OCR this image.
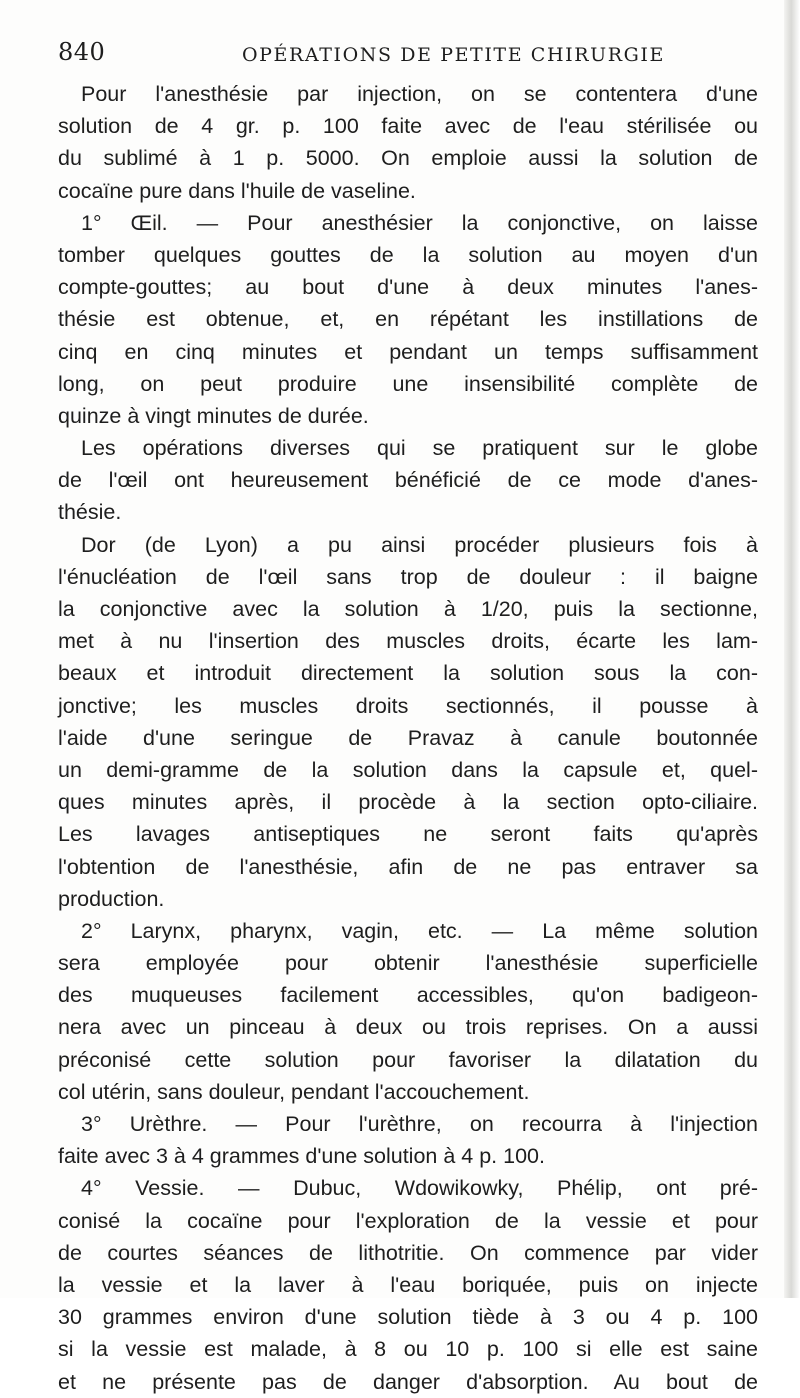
840	OPÉRATIONS DE PETITE CHIRURGIE
Pour l'anesthésie par injection, on se contentera d'une
solution de 4 gr. p. 100 faite avec de l'eau stérilisée ou
du sublimé à 1 p. 5000. On emploie aussi la solution de
cocaïne pure dans l'huile de vaseline.
1° Œil. — Pour anesthésier la conjonctive, on laisse
tomber quelques gouttes de la solution au moyen d'un
compte-gouttes; au bout d'une à deux minutes l'anes-
thésie est obtenue, et, en répétant les instillations de
cinq en cinq minutes et pendant un temps suffisamment
long, on peut produire une insensibilité complète de
quinze à vingt minutes de durée.
Les opérations diverses qui se pratiquent sur le globe
de l'œil ont heureusement bénéficié de ce mode d'anes-
thésie.
Dor (de Lyon) a pu ainsi procéder plusieurs fois à
l'énucléation de l'œil sans trop de douleur : il baigne
la conjonctive avec la solution à 1/20, puis la sectionne,
met à nu l'insertion des muscles droits, écarte les lam-
beaux et introduit directement la solution sous la con-
jonctive; les muscles droits sectionnés, il pousse à
l'aide d'une seringue de Pravaz à canule boutonnée
un demi-gramme de la solution dans la capsule et, quel-
ques minutes après, il procède à la section opto-ciliaire.
Les lavages antiseptiques ne seront faits qu'après
l'obtention de l'anesthésie, afin de ne pas entraver sa
production.
2° Larynx, pharynx, vagin, etc. — La même solution
sera employée pour obtenir l'anesthésie superficielle
des muqueuses facilement accessibles, qu'on badigeon-
nera avec un pinceau à deux ou trois reprises. On a aussi
préconisé cette solution pour favoriser la dilatation du
col utérin, sans douleur, pendant l'accouchement.
3° Urèthre. — Pour l'urèthre, on recourra à l'injection
faite avec 3 à 4 grammes d'une solution à 4 p. 100.
4° Vessie. — Dubuc, Wdowikowky, Phélip, ont pré-
conisé la cocaïne pour l'exploration de la vessie et pour
de courtes séances de lithotritie. On commence par vider
la vessie et la laver à l'eau boriquée, puis on injecte
30 grammes environ d'une solution tiède à 3 ou 4 p. 100
si la vessie est malade, à 8 ou 10 p. 100 si elle est saine
et ne présente pas de danger d'absorption. Au bout de
